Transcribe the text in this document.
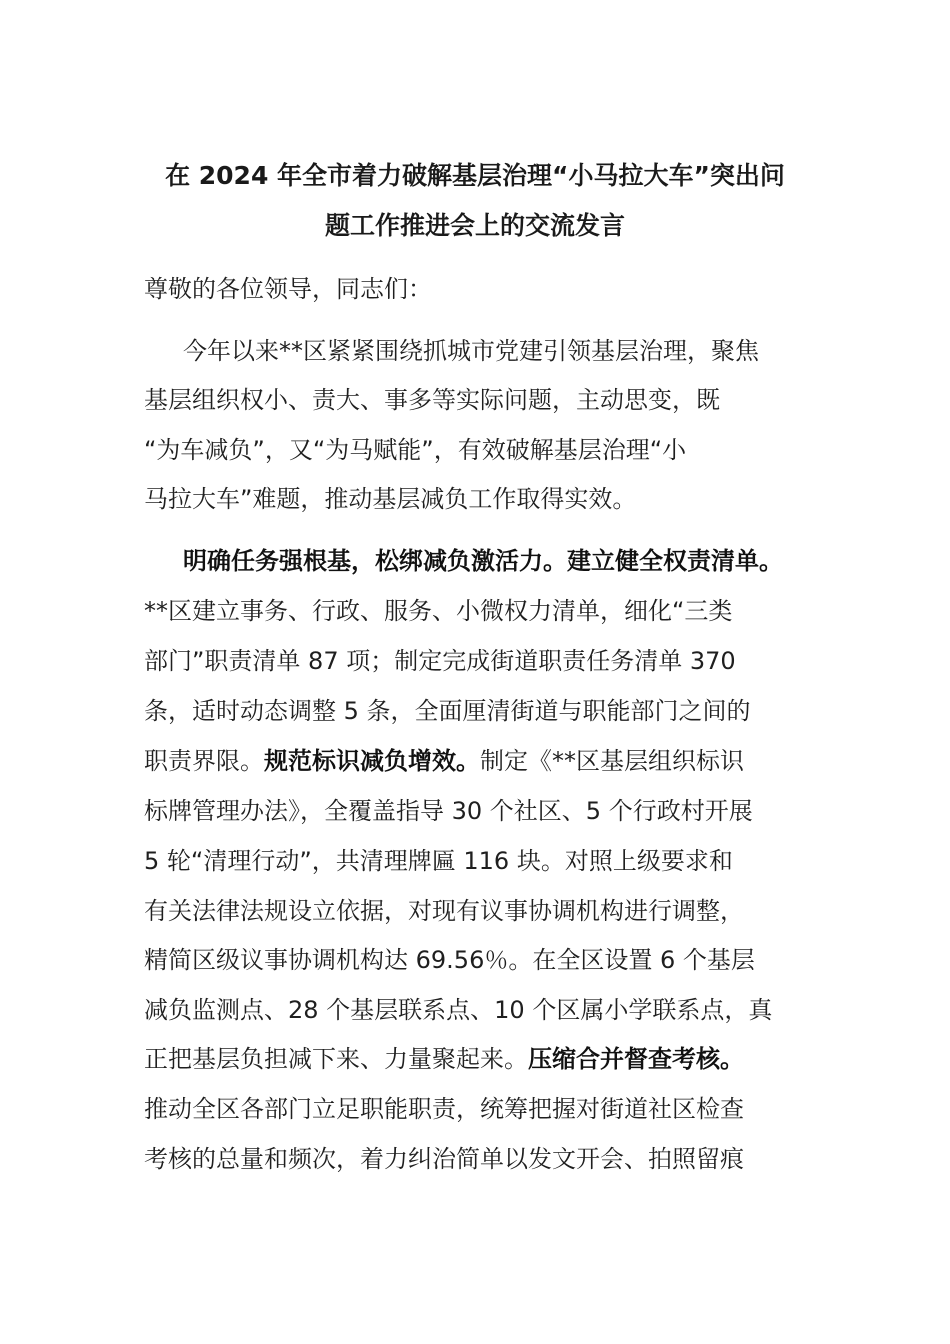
在 2024 年全市着力破解基层治理“小马拉大车”突出问
题工作推进会上的交流发言
尊敬的各位领导，同志们：
今年以来**区紧紧围绕抓城市党建引领基层治理，聚焦
基层组织权小、责大、事多等实际问题，主动思变，既
“为车减负”，又“为马赋能”，有效破解基层治理“小
马拉大车”难题，推动基层减负工作取得实效。
明确任务强根基，松绑减负激活力。建立健全权责清单。
**区建立事务、行政、服务、小微权力清单，细化“三类
部门”职责清单 87 项；制定完成街道职责任务清单 370
条，适时动态调整 5 条，全面厘清街道与职能部门之间的
职责界限。规范标识减负增效。制定《**区基层组织标识
标牌管理办法》，全覆盖指导 30 个社区、5 个行政村开展
5 轮“清理行动”，共清理牌匾 116 块。对照上级要求和
有关法律法规设立依据，对现有议事协调机构进行调整，
精简区级议事协调机构达 69.56％。在全区设置 6 个基层
减负监测点、28 个基层联系点、10 个区属小学联系点，真
正把基层负担减下来、力量聚起来。压缩合并督查考核。
推动全区各部门立足职能职责，统筹把握对街道社区检查
考核的总量和频次，着力纠治简单以发文开会、拍照留痕
